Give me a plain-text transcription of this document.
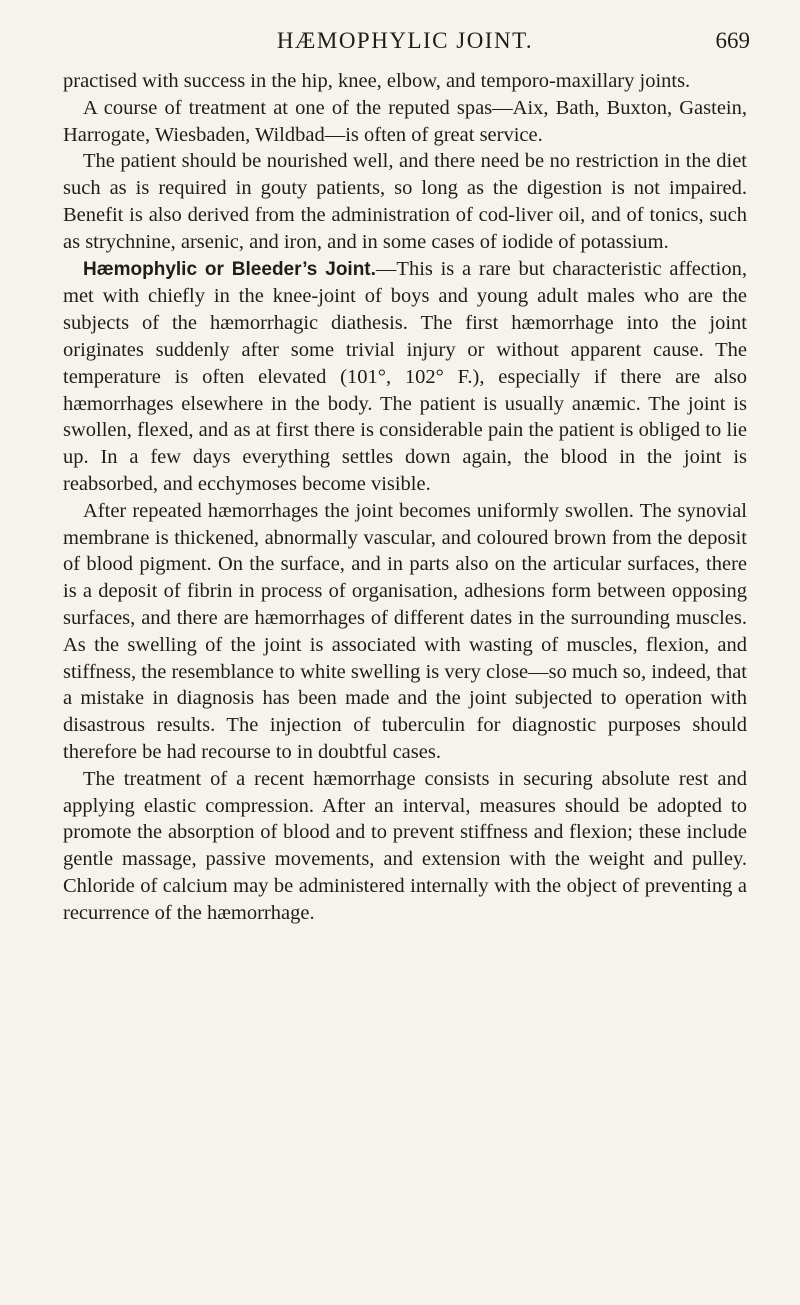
HÆMOPHYLIC JOINT.	669

practised with success in the hip, knee, elbow, and temporo-maxillary joints.

A course of treatment at one of the reputed spas—Aix, Bath, Buxton, Gastein, Harrogate, Wiesbaden, Wildbad—is often of great service.

The patient should be nourished well, and there need be no restriction in the diet such as is required in gouty patients, so long as the digestion is not impaired. Benefit is also derived from the administration of cod-liver oil, and of tonics, such as strychnine, arsenic, and iron, and in some cases of iodide of potassium.

Hæmophylic or Bleeder’s Joint.—This is a rare but characteristic affection, met with chiefly in the knee-joint of boys and young adult males who are the subjects of the hæmorrhagic diathesis. The first hæmorrhage into the joint originates suddenly after some trivial injury or without apparent cause. The temperature is often elevated (101°, 102° F.), especially if there are also hæmorrhages elsewhere in the body. The patient is usually anæmic. The joint is swollen, flexed, and as at first there is considerable pain the patient is obliged to lie up. In a few days everything settles down again, the blood in the joint is reabsorbed, and ecchymoses become visible.

After repeated hæmorrhages the joint becomes uniformly swollen. The synovial membrane is thickened, abnormally vascular, and coloured brown from the deposit of blood pigment. On the surface, and in parts also on the articular surfaces, there is a deposit of fibrin in process of organisation, adhesions form between opposing surfaces, and there are hæmorrhages of different dates in the surrounding muscles. As the swelling of the joint is associated with wasting of muscles, flexion, and stiffness, the resemblance to white swelling is very close—so much so, indeed, that a mistake in diagnosis has been made and the joint subjected to operation with disastrous results. The injection of tuberculin for diagnostic purposes should therefore be had recourse to in doubtful cases.

The treatment of a recent hæmorrhage consists in securing absolute rest and applying elastic compression. After an interval, measures should be adopted to promote the absorption of blood and to prevent stiffness and flexion; these include gentle massage, passive movements, and extension with the weight and pulley. Chloride of calcium may be administered internally with the object of preventing a recurrence of the hæmorrhage.
